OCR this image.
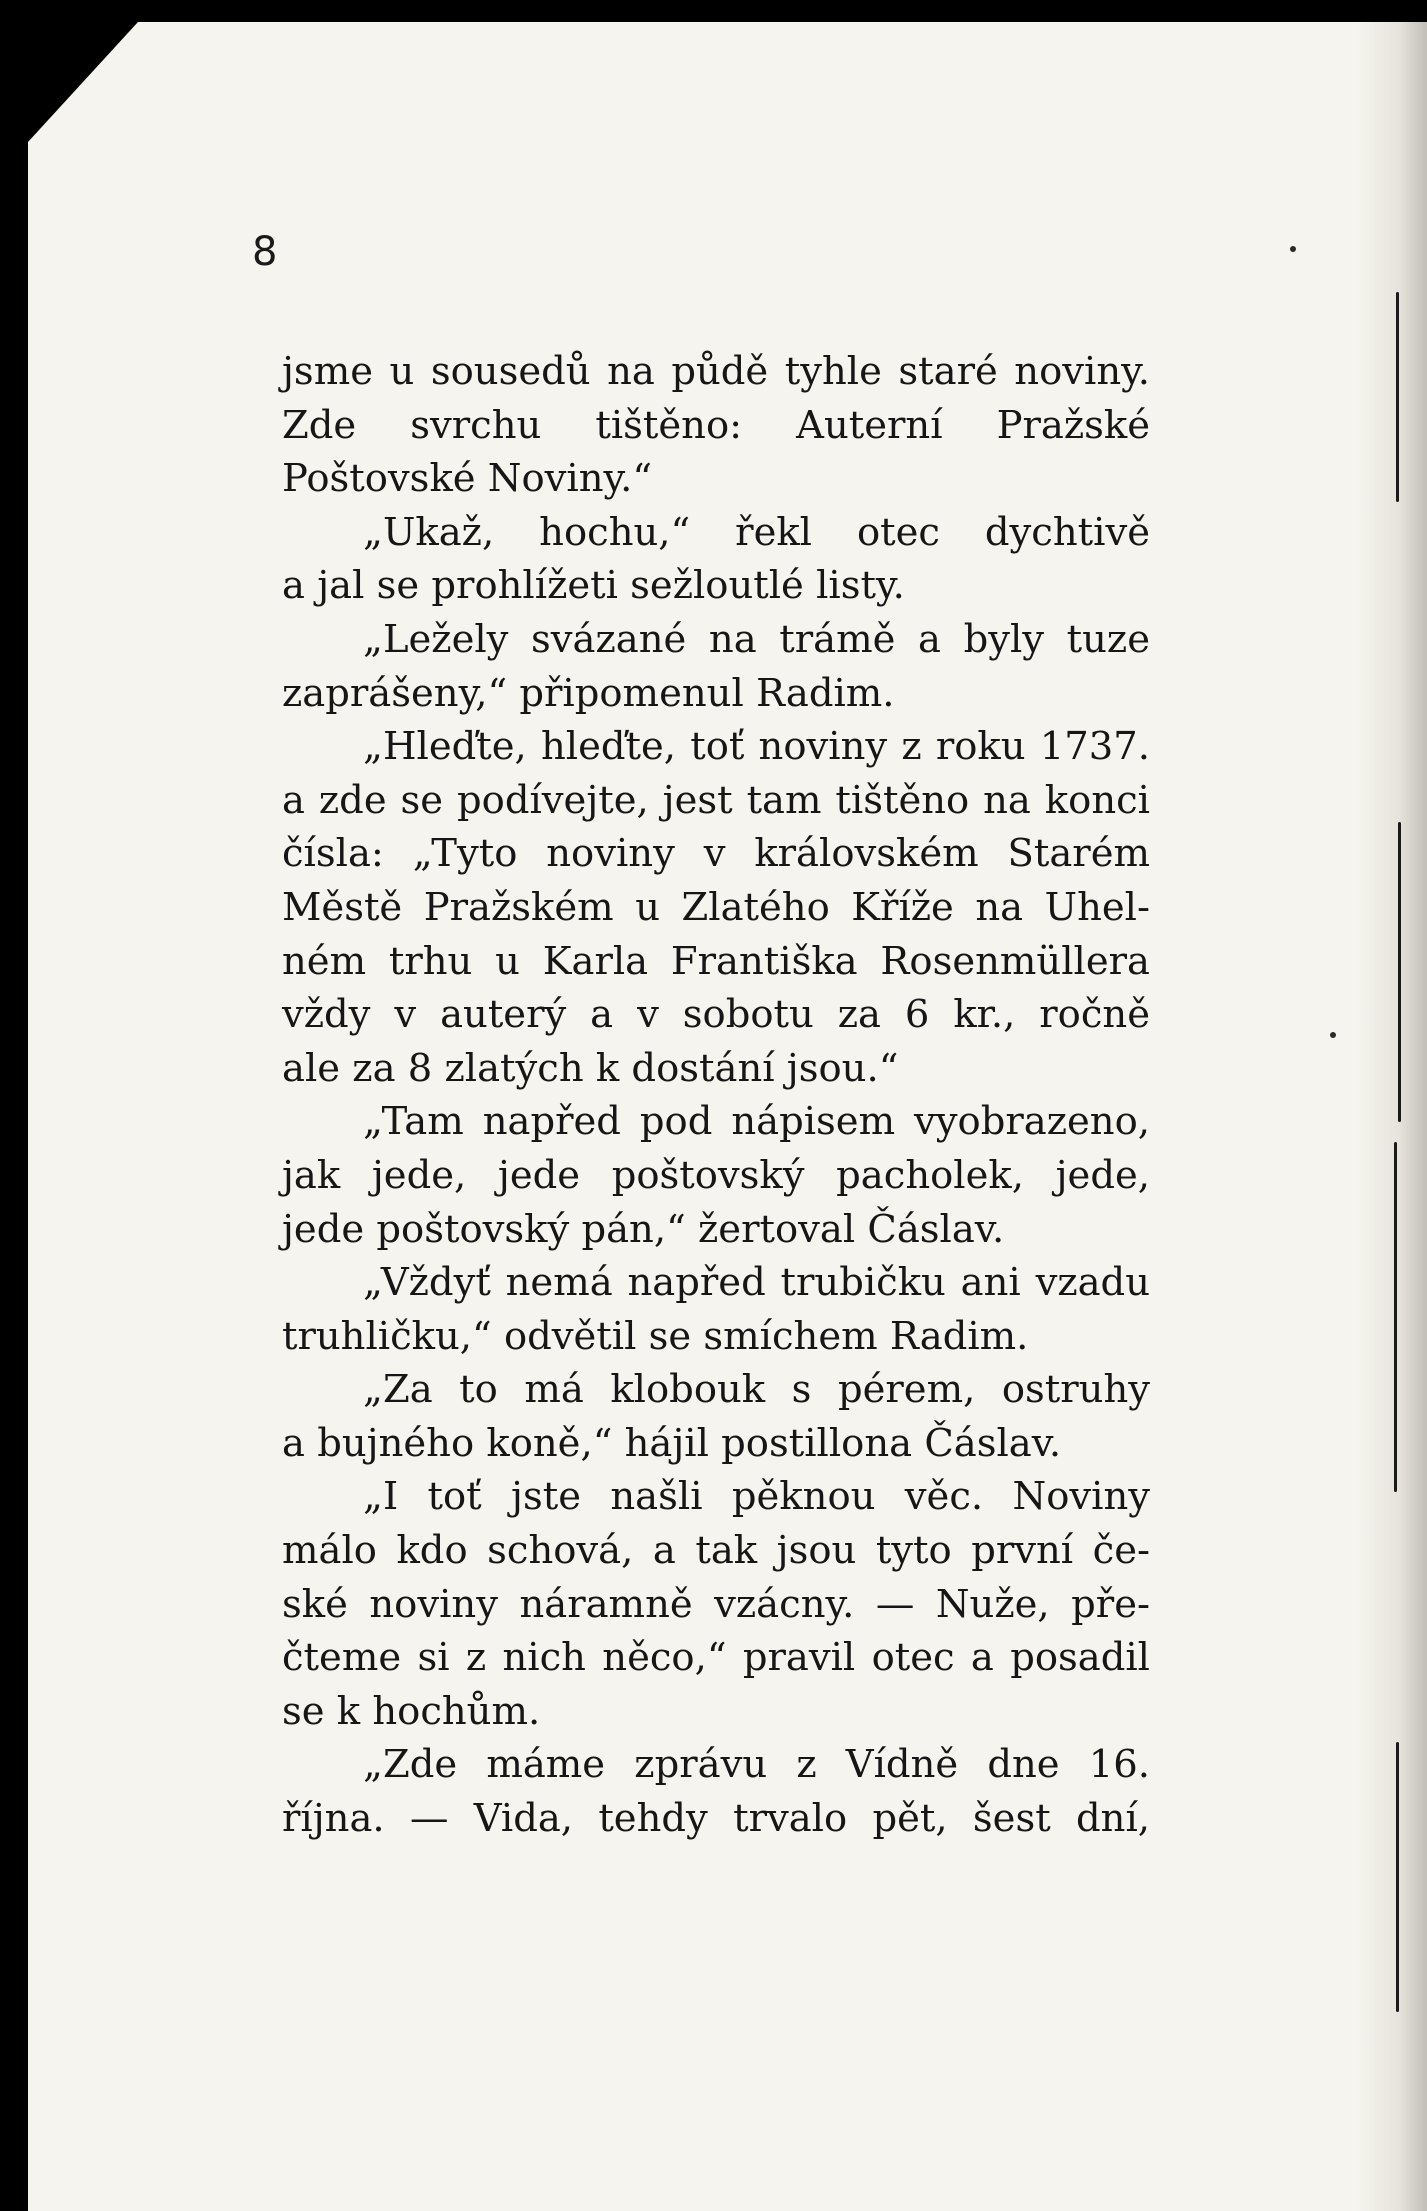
8
jsme u sousedů na půdě tyhle staré noviny.
Zde svrchu tištěno: Auterní Pražské
Poštovské Noviny.“
„Ukaž, hochu,“ řekl otec dychtivě
a jal se prohlížeti sežloutlé listy.
„Ležely svázané na trámě a byly tuze
zaprášeny,“ připomenul Radim.
„Hleďte, hleďte, toť noviny z roku 1737.
a zde se podívejte, jest tam tištěno na konci
čísla: „Tyto noviny v královském Starém
Městě Pražském u Zlatého Kříže na Uhel-
ném trhu u Karla Františka Rosenmüllera
vždy v auterý a v sobotu za 6 kr., ročně
ale za 8 zlatých k dostání jsou.“
„Tam napřed pod nápisem vyobrazeno,
jak jede, jede poštovský pacholek, jede,
jede poštovský pán,“ žertoval Čáslav.
„Vždyť nemá napřed trubičku ani vzadu
truhličku,“ odvětil se smíchem Radim.
„Za to má klobouk s pérem, ostruhy
a bujného koně,“ hájil postillona Čáslav.
„I toť jste našli pěknou věc. Noviny
málo kdo schová, a tak jsou tyto první če-
ské noviny náramně vzácny. — Nuže, pře-
čteme si z nich něco,“ pravil otec a posadil
se k hochům.
„Zde máme zprávu z Vídně dne 16.
října. — Vida, tehdy trvalo pět, šest dní,
